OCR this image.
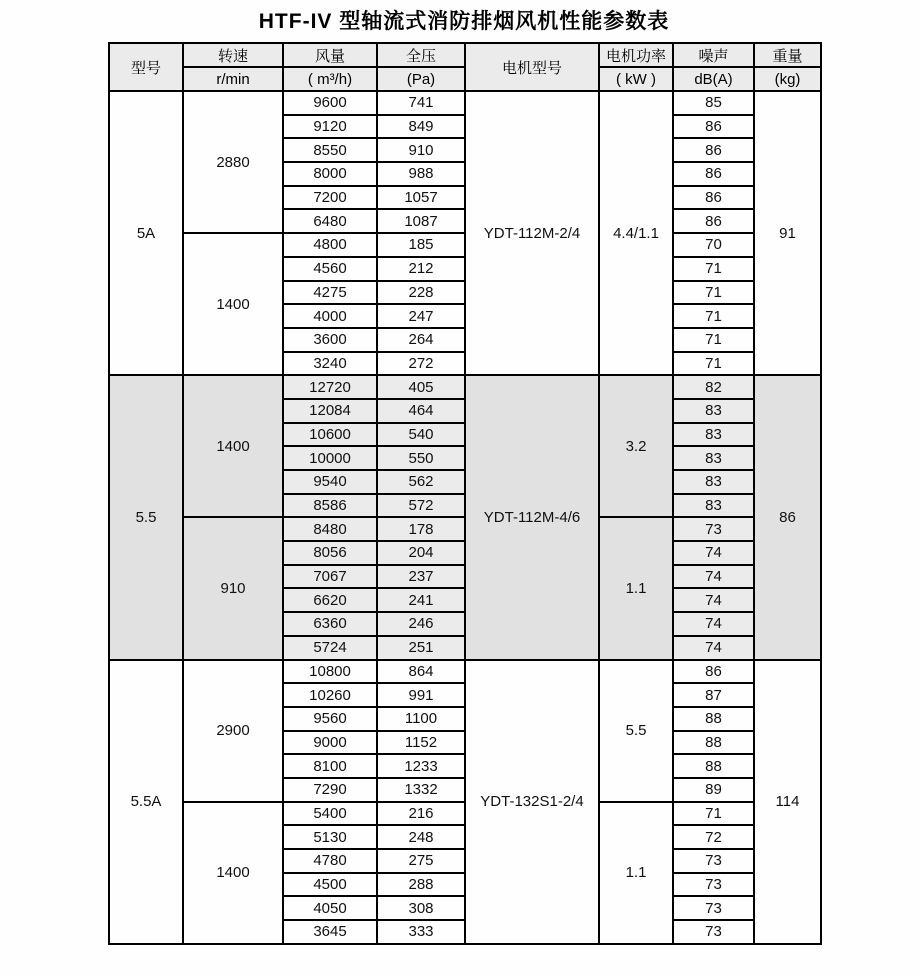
HTF-IV 型轴流式消防排烟风机性能参数表
型号	转速	风量	全压	电机型号	电机功率	噪声	重量
	r/min	( m³/h)	(Pa)		( kW )	dB(A)	(kg)
5A	2880	9600	741	YDT-112M-2/4	4.4/1.1	85	91
		9120	849			86	
		8550	910			86	
		8000	988			86	
		7200	1057			86	
		6480	1087			86	
	1400	4800	185			70	
		4560	212			71	
		4275	228			71	
		4000	247			71	
		3600	264			71	
		3240	272			71	
5.5	1400	12720	405	YDT-112M-4/6	3.2	82	86
		12084	464			83	
		10600	540			83	
		10000	550			83	
		9540	562			83	
		8586	572			83	
	910	8480	178		1.1	73	
		8056	204			74	
		7067	237			74	
		6620	241			74	
		6360	246			74	
		5724	251			74	
5.5A	2900	10800	864	YDT-132S1-2/4	5.5	86	114
		10260	991			87	
		9560	1100			88	
		9000	1152			88	
		8100	1233			88	
		7290	1332			89	
	1400	5400	216		1.1	71	
		5130	248			72	
		4780	275			73	
		4500	288			73	
		4050	308			73	
		3645	333			73	
